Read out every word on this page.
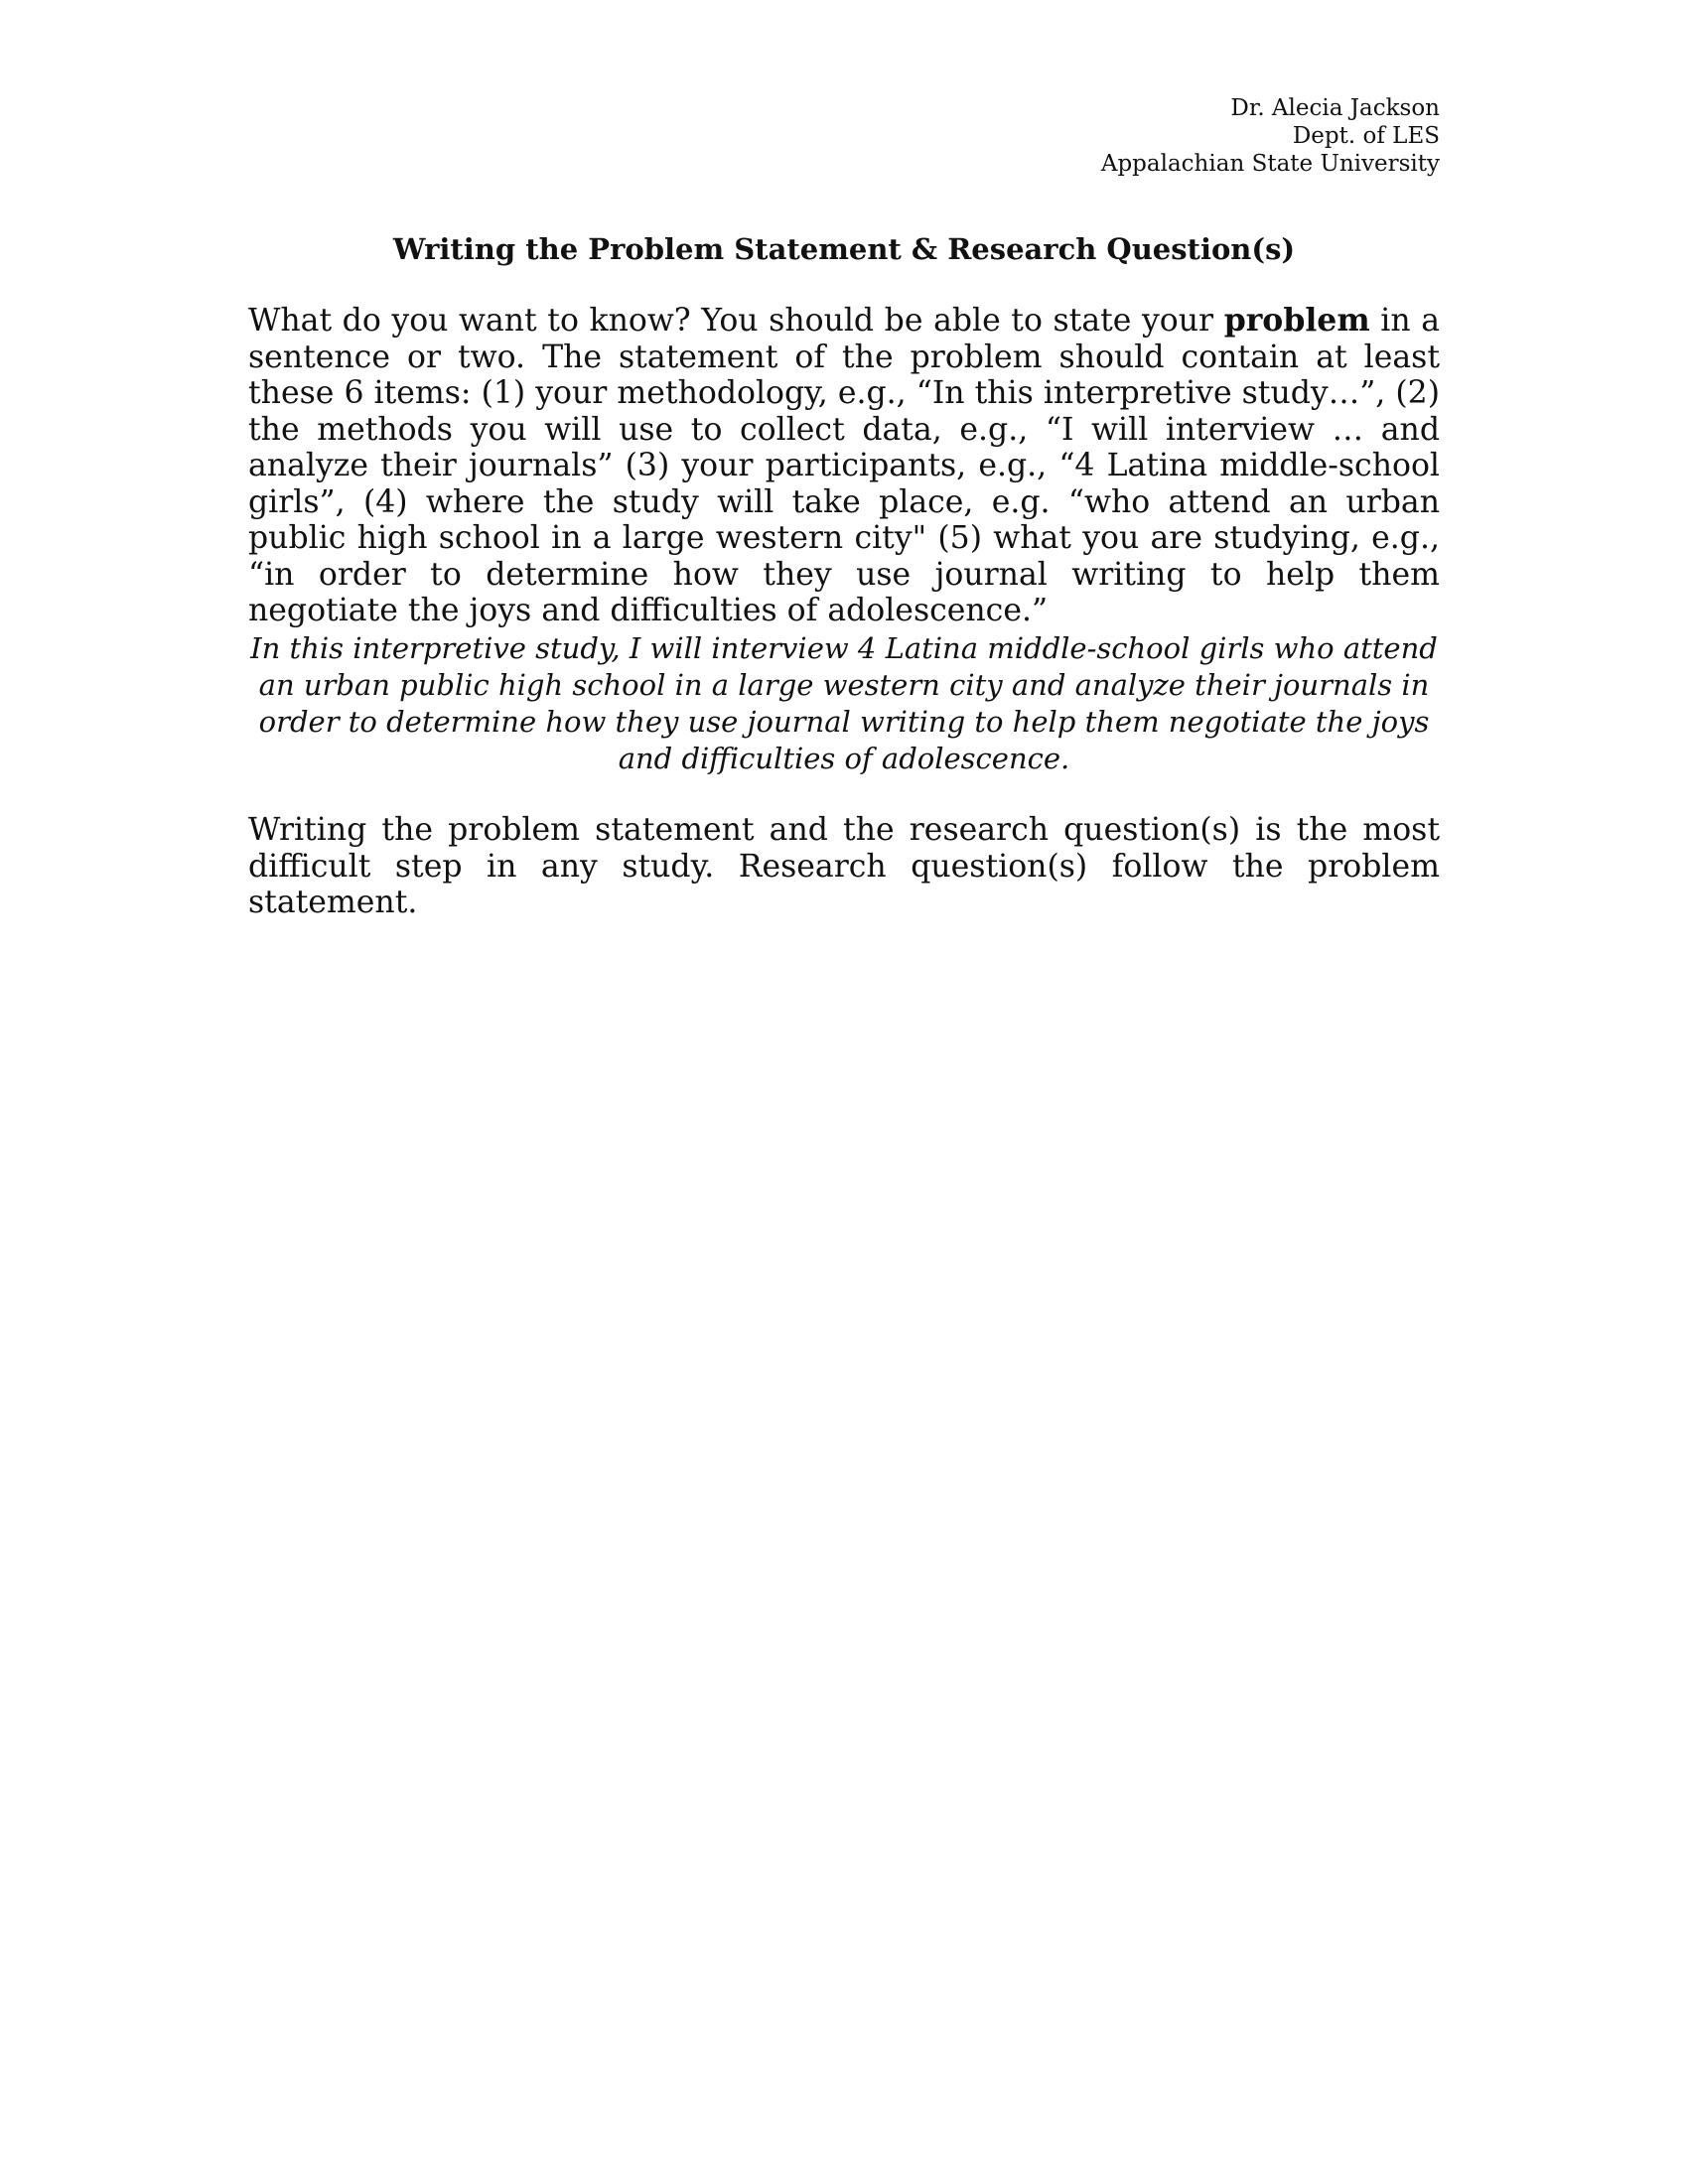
Dr. Alecia Jackson
Dept. of LES
Appalachian State University
Writing the Problem Statement & Research Question(s)

What do you want to know? You should be able to state your problem in a sentence or two. The statement of the problem should contain at least these 6 items: (1) your methodology, e.g., “In this interpretive study…”, (2) the methods you will use to collect data, e.g., “I will interview … and analyze their journals” (3) your participants, e.g., “4 Latina middle-school girls”, (4) where the study will take place, e.g. “who attend an urban public high school in a large western city" (5) what you are studying, e.g., “in order to determine how they use journal writing to help them negotiate the joys and difficulties of adolescence.”

In this interpretive study, I will interview 4 Latina middle-school girls who attend an urban public high school in a large western city and analyze their journals in order to determine how they use journal writing to help them negotiate the joys and difficulties of adolescence.

Writing the problem statement and the research question(s) is the most difficult step in any study. Research question(s) follow the problem statement.
